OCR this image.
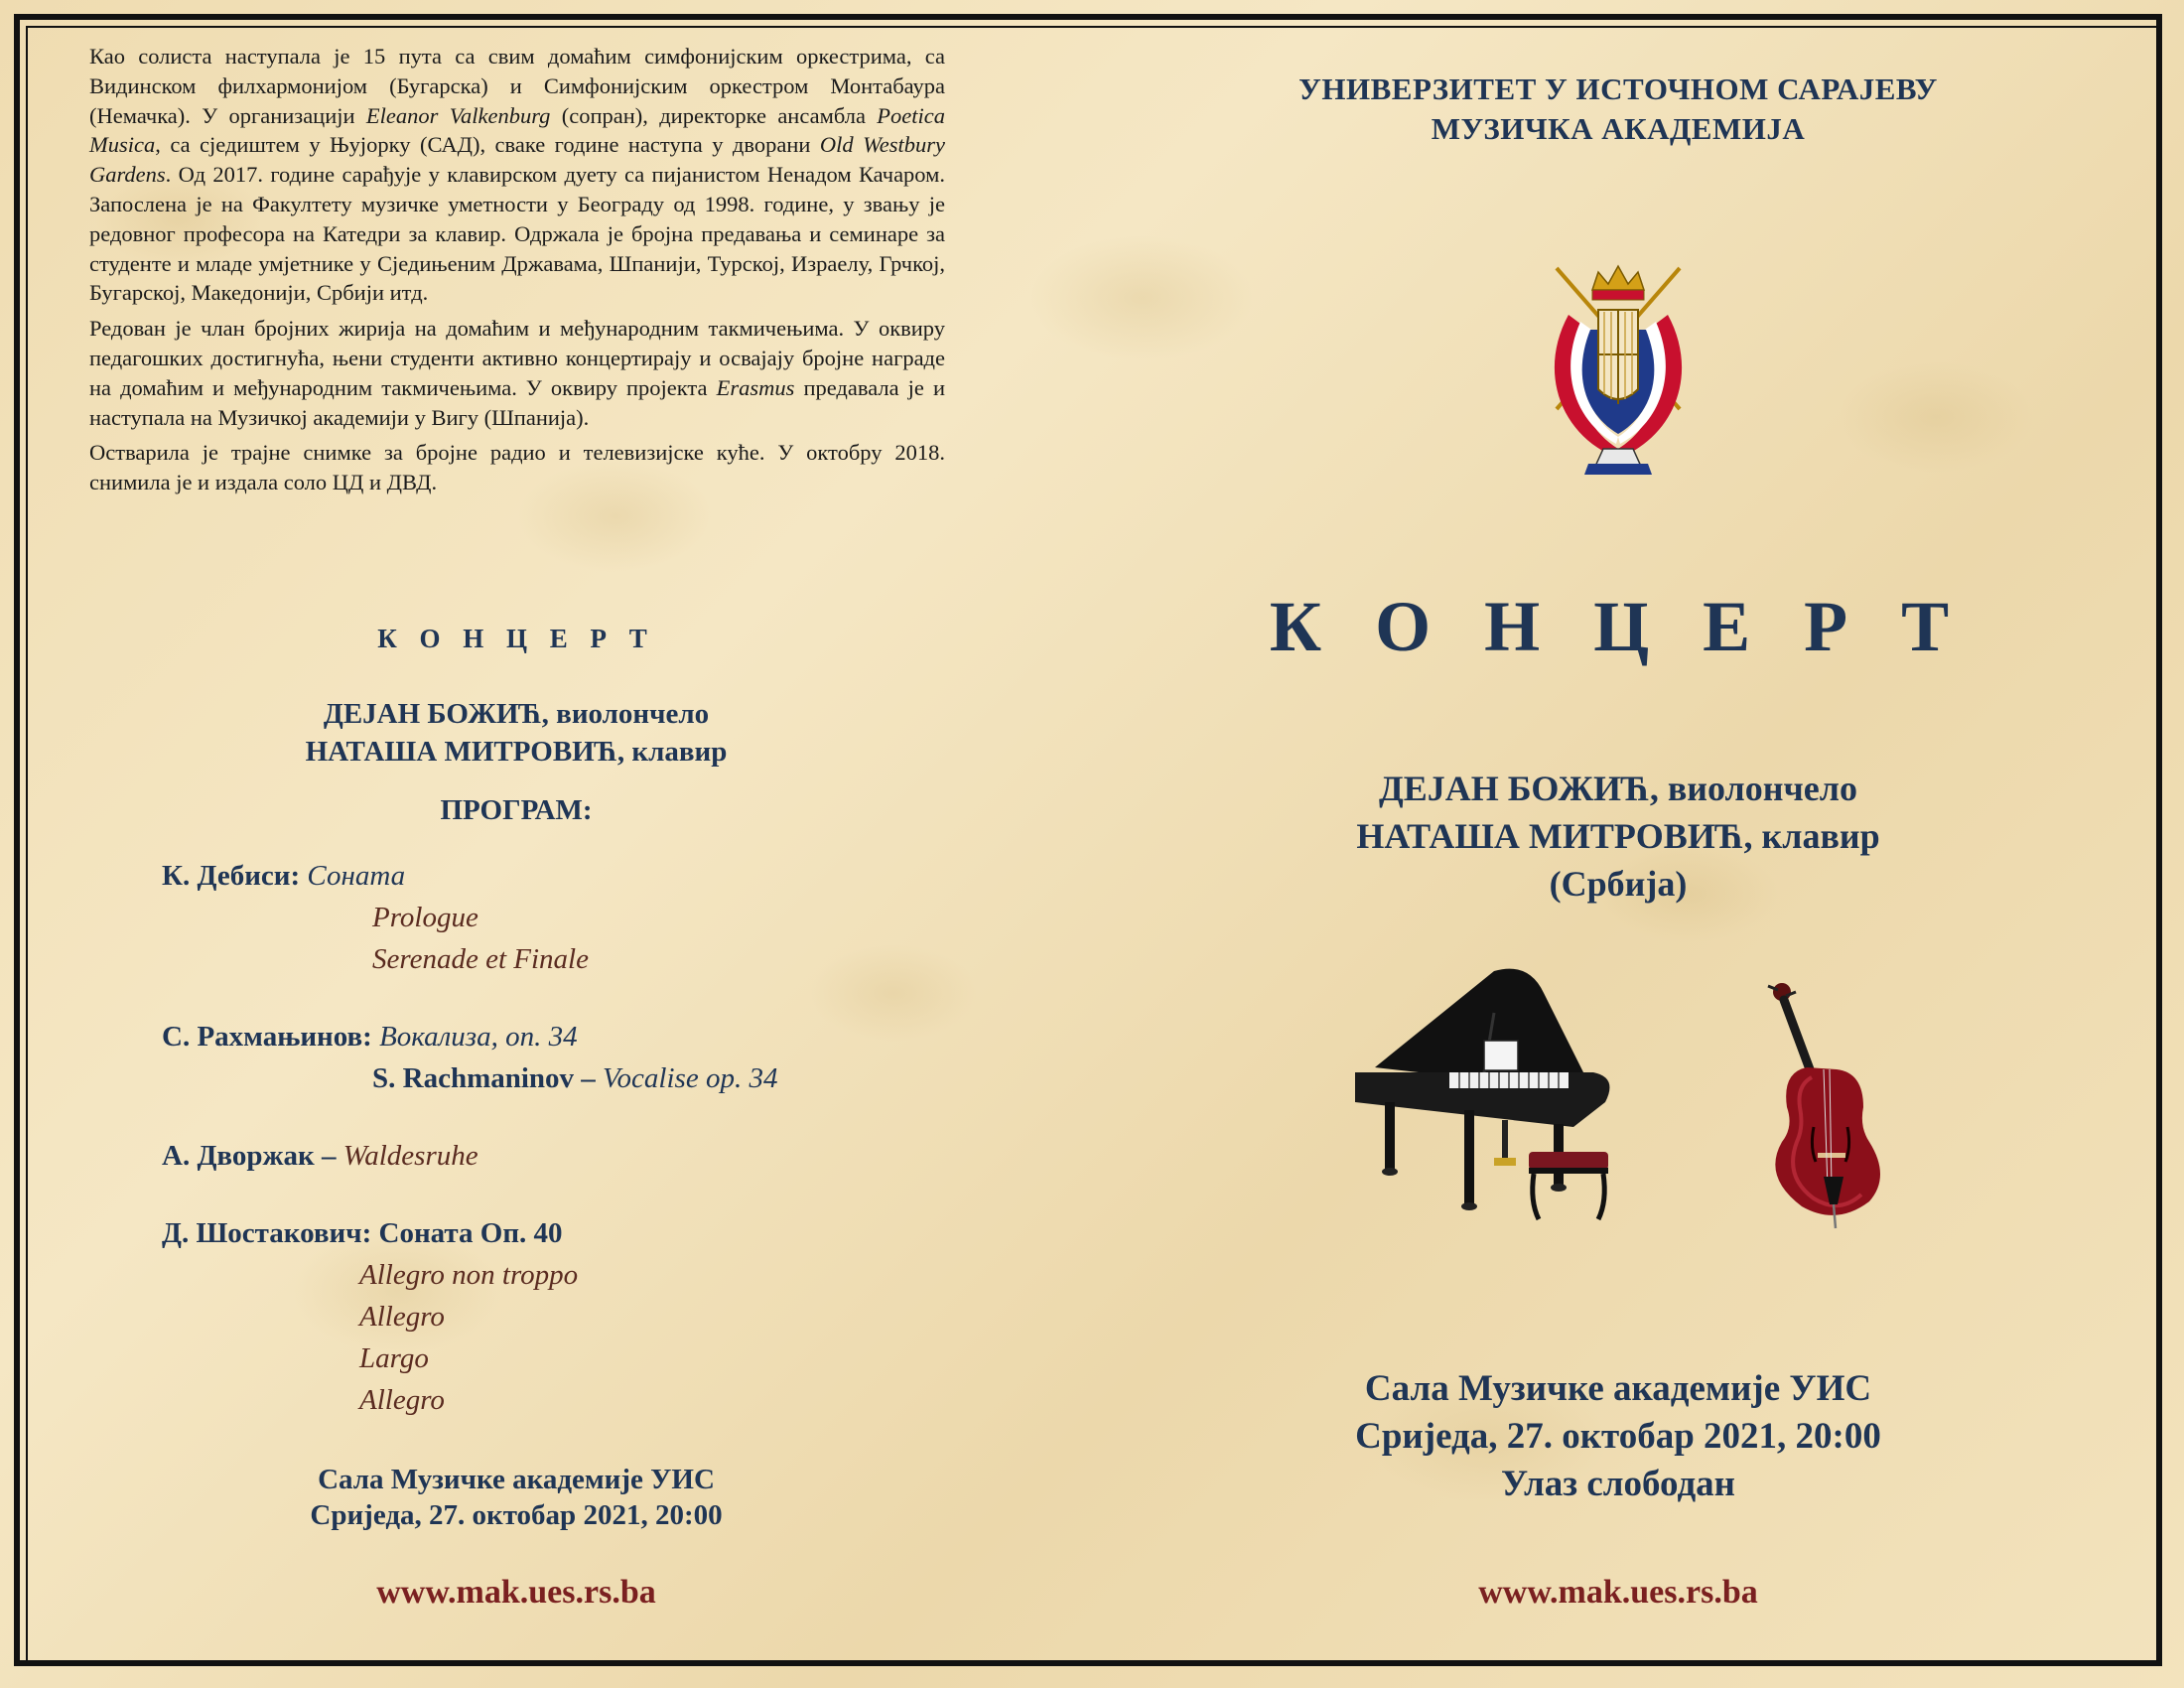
Као солиста наступала је 15 пута са свим домаћим симфонијским оркестрима, са Видинском филхармонијом (Бугарска) и Симфонијским оркестром Монтабаура (Немачка). У организацији Eleanor Valkenburg (сопран), директорке ансамбла Poetica Musica, са сједиштем у Њујорку (САД), сваке године наступа у дворани Old Westbury Gardens. Од 2017. године сарађује у клавирском дуету са пијанистом Ненадом Качаром. Запослена је на Факултету музичке уметности у Београду од 1998. године, у звању је редовног професора на Катедри за клавир. Одржала је бројна предавања и семинаре за студенте и младе умјетнике у Сједињеним Државама, Шпанији, Турској, Израелу, Грчкој, Бугарској, Македонији, Србији итд.

Редован је члан бројних жирија на домаћим и међународним такмичењима. У оквиру педагошких достигнућа, њени студенти активно концертирају и освајају бројне награде на домаћим и међународним такмичењима. У оквиру пројекта Erasmus предавала је и наступала на Музичкој академији у Вигу (Шпанија).

Остварила је трајне снимке за бројне радио и телевизијске куће. У октобру 2018. снимила је и издала соло ЦД и ДВД.

К О Н Ц Е Р Т
ДЕЈАН БОЖИЋ, виолончело
НАТАША МИТРОВИЋ, клавир
ПРОГРАМ:
К. Дебиси: Соната
Prologue
Serenade et Finale
С. Рахмањинов: Вокализа, оп. 34
S. Rachmaninov – Vocalise op. 34
А. Дворжак – Waldesruhe
Д. Шостакович: Соната Оп. 40
Allegro non troppo
Allegro
Largo
Allegro
Сала Музичке академије УИС
Сриједа, 27. октобар 2021, 20:00
www.mak.ues.rs.ba
УНИВЕРЗИТЕТ У ИСТОЧНОМ САРАЈЕВУ
МУЗИЧКА АКАДЕМИЈА
К О Н Ц Е Р Т
ДЕЈАН БОЖИЋ, виолончело
НАТАША МИТРОВИЋ, клавир
(Србија)
Сала Музичке академије УИС
Сриједа, 27. октобар 2021, 20:00
Улаз слободан
www.mak.ues.rs.ba
